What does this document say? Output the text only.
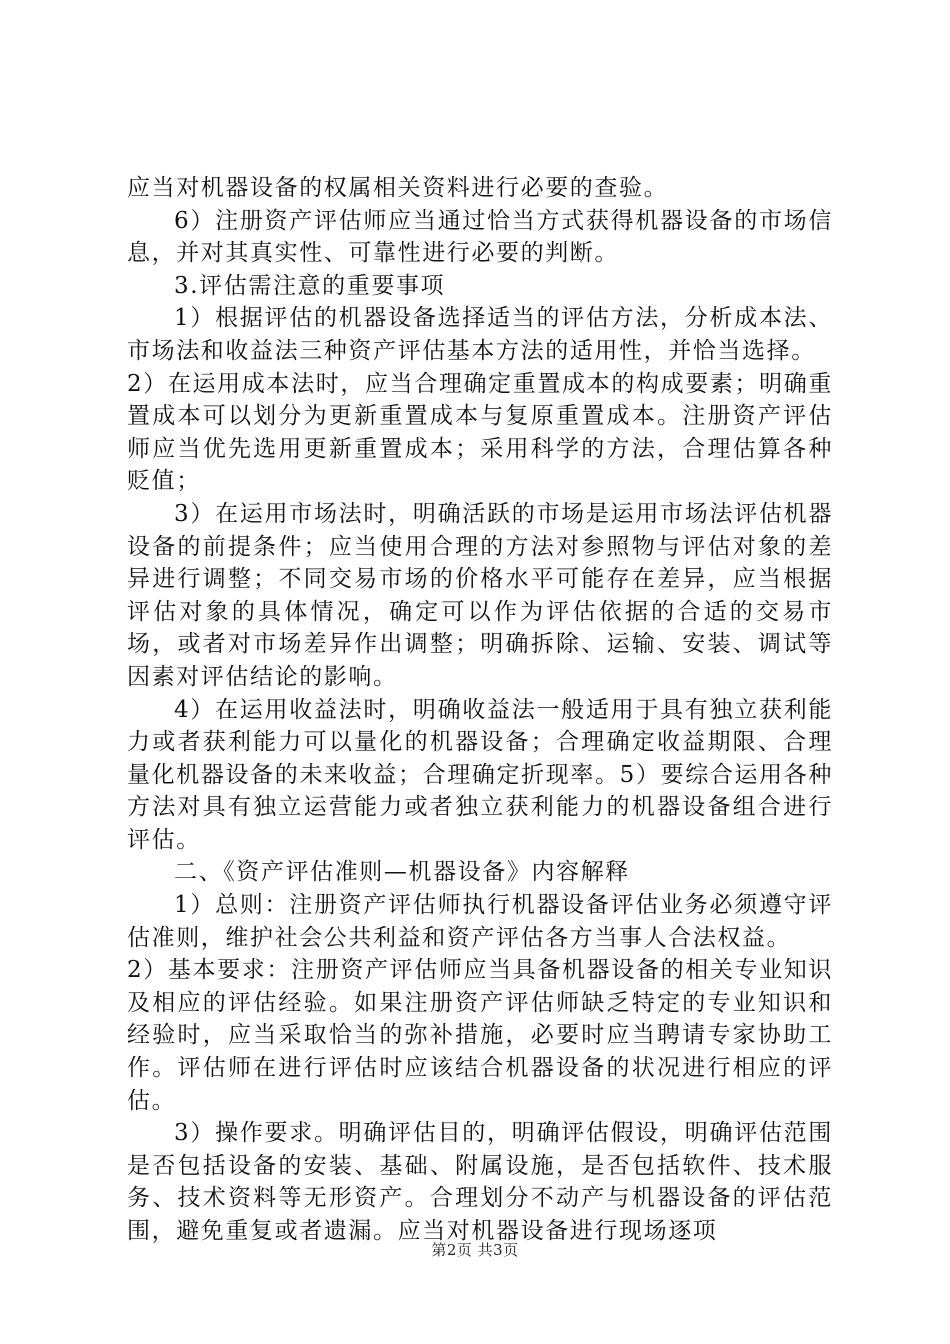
应当对机器设备的权属相关资料进行必要的查验。

6）注册资产评估师应当通过恰当方式获得机器设备的市场信息，并对其真实性、可靠性进行必要的判断。

3.评估需注意的重要事项

1）根据评估的机器设备选择适当的评估方法，分析成本法、市场法和收益法三种资产评估基本方法的适用性，并恰当选择。

2）在运用成本法时，应当合理确定重置成本的构成要素；明确重置成本可以划分为更新重置成本与复原重置成本。注册资产评估师应当优先选用更新重置成本；采用科学的方法，合理估算各种贬值；

3）在运用市场法时，明确活跃的市场是运用市场法评估机器设备的前提条件；应当使用合理的方法对参照物与评估对象的差异进行调整；不同交易市场的价格水平可能存在差异，应当根据评估对象的具体情况，确定可以作为评估依据的合适的交易市场，或者对市场差异作出调整；明确拆除、运输、安装、调试等因素对评估结论的影响。

4）在运用收益法时，明确收益法一般适用于具有独立获利能力或者获利能力可以量化的机器设备；合理确定收益期限、合理量化机器设备的未来收益；合理确定折现率。5）要综合运用各种方法对具有独立运营能力或者独立获利能力的机器设备组合进行评估。

二、《资产评估准则—机器设备》内容解释

1）总则：注册资产评估师执行机器设备评估业务必须遵守评估准则，维护社会公共利益和资产评估各方当事人合法权益。

2）基本要求：注册资产评估师应当具备机器设备的相关专业知识及相应的评估经验。如果注册资产评估师缺乏特定的专业知识和经验时，应当采取恰当的弥补措施，必要时应当聘请专家协助工作。评估师在进行评估时应该结合机器设备的状况进行相应的评估。

3）操作要求。明确评估目的，明确评估假设，明确评估范围是否包括设备的安装、基础、附属设施，是否包括软件、技术服务、技术资料等无形资产。合理划分不动产与机器设备的评估范围，避免重复或者遗漏。应当对机器设备进行现场逐项

第2页 共3页
